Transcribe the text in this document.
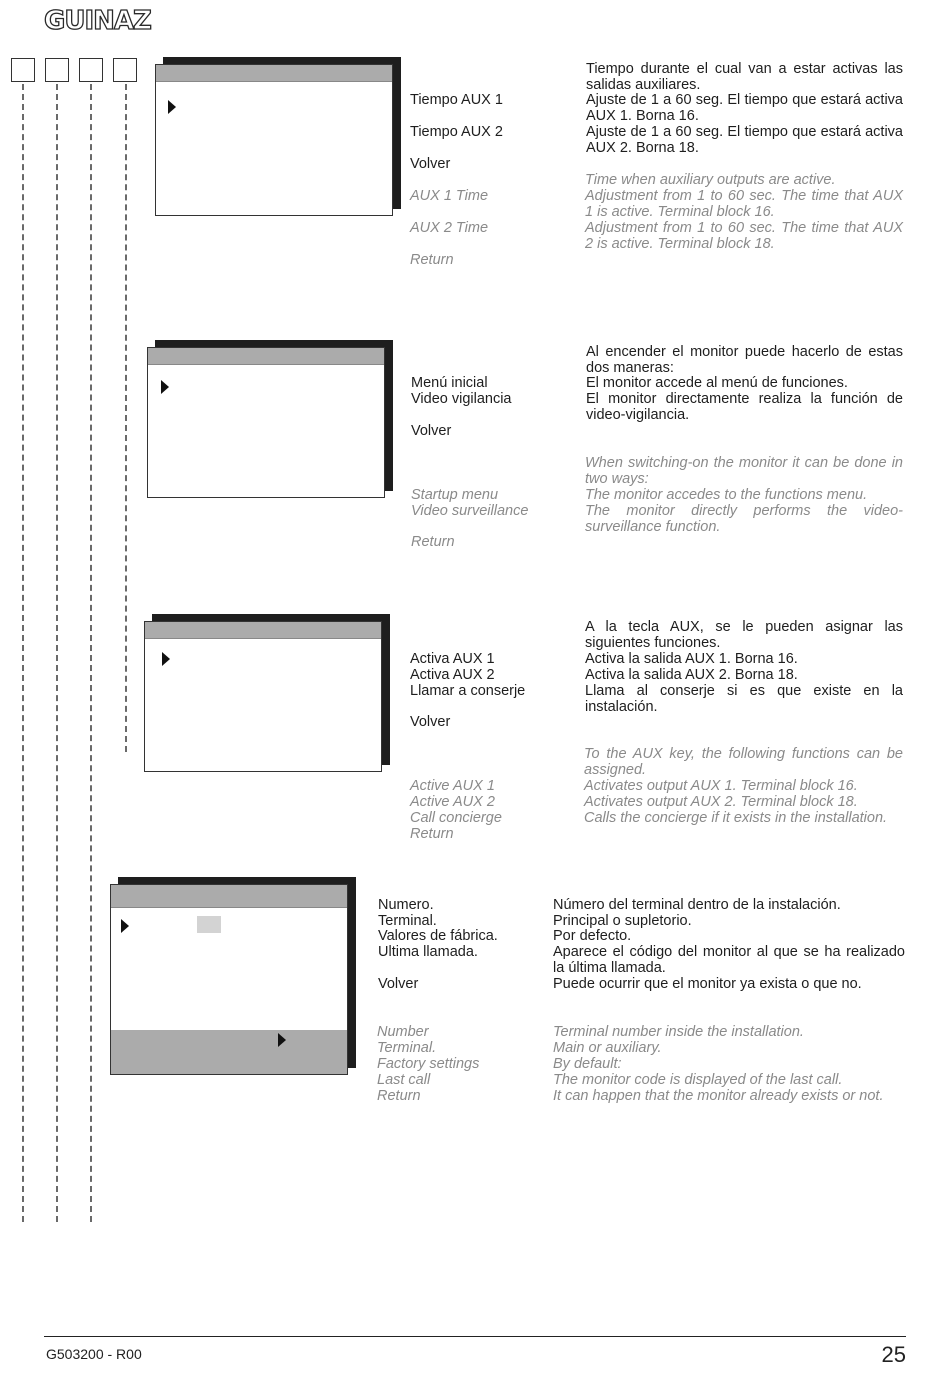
GUINAZ
Tiempo AUX 1
Tiempo AUX 2
Volver
AUX 1 Time
AUX 2 Time
Return
Tiempo durante el cual van a estar activas las salidas auxiliares.
Ajuste de 1 a 60 seg. El tiempo que estará activa AUX 1. Borna 16.
Ajuste de 1 a 60 seg. El tiempo que estará activa AUX 2. Borna 18.
Time when auxiliary outputs are active.
Adjustment from 1 to 60 sec. The time that AUX 1 is active. Terminal block 16.
Adjustment from 1 to 60 sec. The time that AUX 2 is active. Terminal block 18.
Menú inicial
Video vigilancia
Volver
Startup menu
Video surveillance
Return
Al encender el monitor puede hacerlo de estas dos maneras:
El monitor accede al menú de funciones.
El monitor directamente realiza la función de video-vigilancia.
When switching-on the monitor it can be done in two ways:
The monitor accedes to the functions menu.
The monitor directly performs the video-surveillance function.
Activa AUX 1
Activa AUX 2
Llamar a conserje
Volver
Active AUX 1
Active AUX 2
Call concierge
Return
A la tecla AUX, se le pueden asignar las siguientes funciones.
Activa la salida AUX 1. Borna 16.
Activa la salida AUX 2. Borna 18.
Llama al conserje si es que existe en la instalación.
To the AUX key, the following functions can be assigned.
Activates output AUX 1. Terminal block 16.
Activates output AUX 2. Terminal block 18.
Calls the concierge if it exists in the installation.
Numero.
Terminal.
Valores de fábrica.
Ultima llamada.
Volver
Number
Terminal.
Factory settings
Last call
Return
Número del terminal dentro de la instalación.
Principal o supletorio.
Por defecto.
Aparece el código del monitor al que se ha realizado la última llamada.
Puede ocurrir que el monitor ya exista o que no.
Terminal number inside the installation.
Main or auxiliary.
By default:
The monitor code is displayed of the last call.
It can happen that the monitor already exists or not.
G503200 - R00	25
